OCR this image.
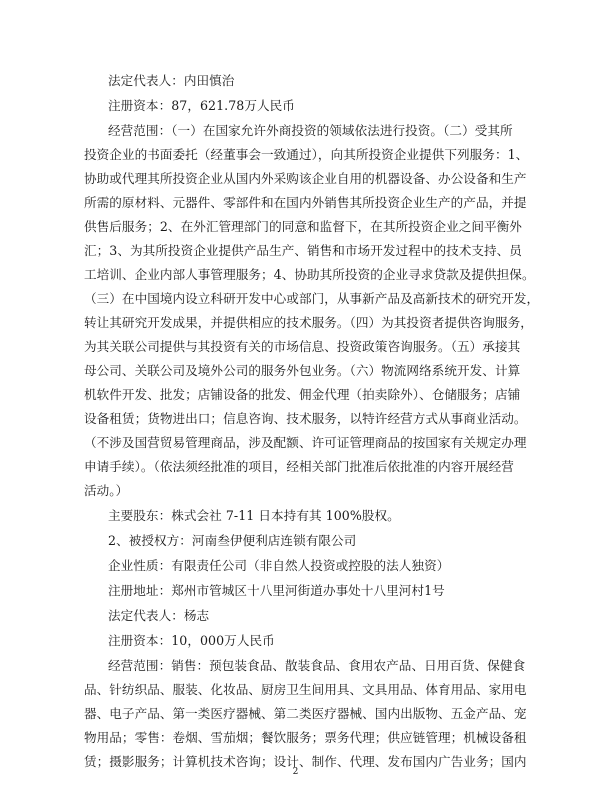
法定代表人：内田慎治
注册资本：87，621.78万人民币
经营范围：（一）在国家允许外商投资的领域依法进行投资。（二）受其所
投资企业的书面委托（经董事会一致通过），向其所投资企业提供下列服务：1、
协助或代理其所投资企业从国内外采购该企业自用的机器设备、办公设备和生产
所需的原材料、元器件、零部件和在国内外销售其所投资企业生产的产品，并提
供售后服务；2、在外汇管理部门的同意和监督下，在其所投资企业之间平衡外
汇；3、为其所投资企业提供产品生产、销售和市场开发过程中的技术支持、员
工培训、企业内部人事管理服务；4、协助其所投资的企业寻求贷款及提供担保。
（三）在中国境内设立科研开发中心或部门，从事新产品及高新技术的研究开发，
转让其研究开发成果，并提供相应的技术服务。（四）为其投资者提供咨询服务，
为其关联公司提供与其投资有关的市场信息、投资政策咨询服务。（五）承接其
母公司、关联公司及境外公司的服务外包业务。（六）物流网络系统开发、计算
机软件开发、批发；店铺设备的批发、佣金代理（拍卖除外）、仓储服务；店铺
设备租赁；货物进出口；信息咨询、技术服务，以特许经营方式从事商业活动。
（不涉及国营贸易管理商品，涉及配额、许可证管理商品的按国家有关规定办理
申请手续）。（依法须经批准的项目，经相关部门批准后依批准的内容开展经营
活动。）
主要股东：株式会社 7-11 日本持有其 100%股权。
2、被授权方：河南叁伊便利店连锁有限公司
企业性质：有限责任公司（非自然人投资或控股的法人独资）
注册地址：郑州市管城区十八里河街道办事处十八里河村1号
法定代表人：杨志
注册资本：10，000万人民币
经营范围：销售：预包装食品、散装食品、食用农产品、日用百货、保健食
品、针纺织品、服装、化妆品、厨房卫生间用具、文具用品、体育用品、家用电
器、电子产品、第一类医疗器械、第二类医疗器械、国内出版物、五金产品、宠
物用品；零售：卷烟、雪茄烟；餐饮服务；票务代理；供应链管理；机械设备租
赁；摄影服务；计算机技术咨询；设计、制作、代理、发布国内广告业务；国内
2
